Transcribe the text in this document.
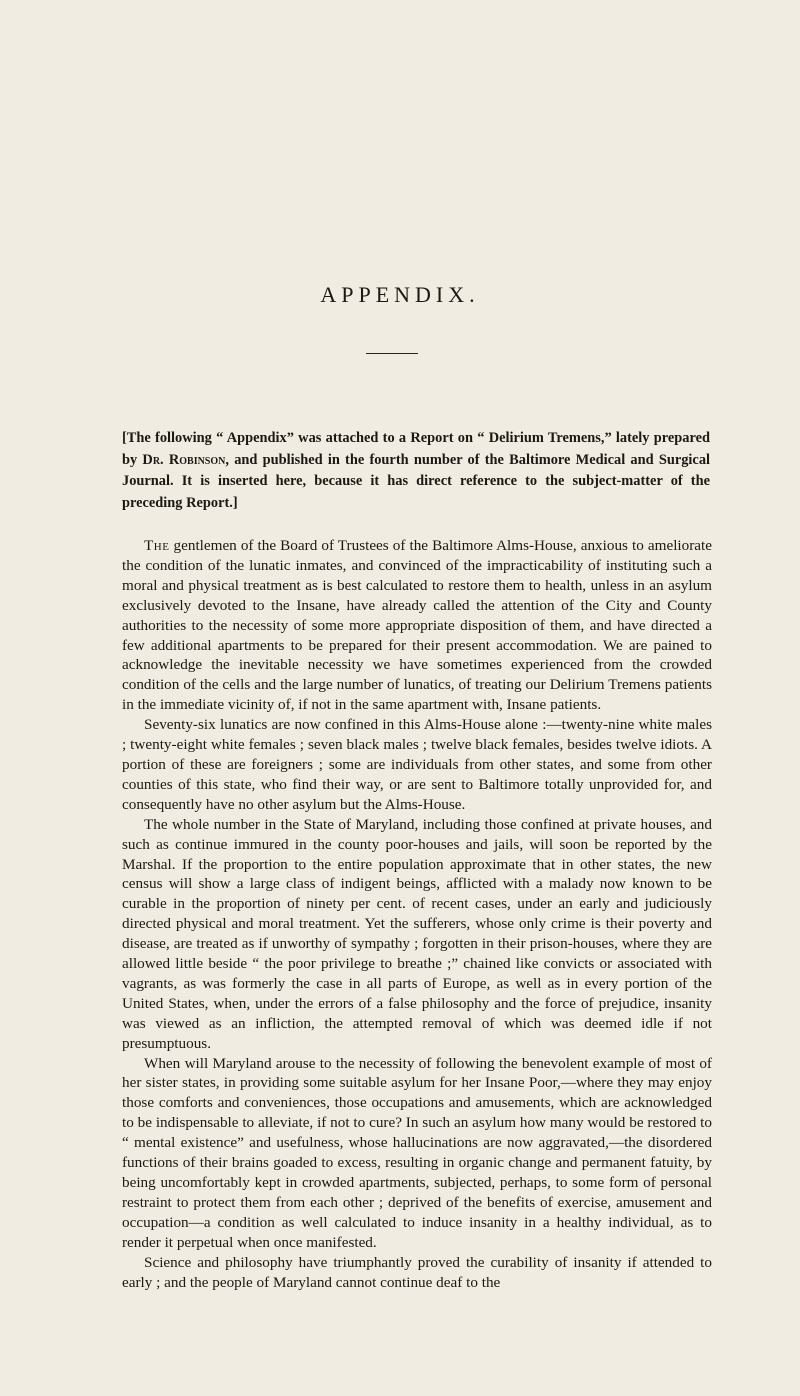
APPENDIX.

[The following “ Appendix” was attached to a Report on “ Delirium Tremens,” lately prepared by Dr. Robinson, and published in the fourth number of the Baltimore Medical and Surgical Journal. It is inserted here, because it has direct reference to the subject-matter of the preceding Report.]

The gentlemen of the Board of Trustees of the Baltimore Alms-House, anxious to ameliorate the condition of the lunatic inmates, and convinced of the impracticability of instituting such a moral and physical treatment as is best calculated to restore them to health, unless in an asylum exclusively devoted to the Insane, have already called the attention of the City and County authorities to the necessity of some more appropriate disposition of them, and have directed a few additional apartments to be prepared for their present accommodation. We are pained to acknowledge the inevitable necessity we have sometimes experienced from the crowded condition of the cells and the large number of lunatics, of treating our Delirium Tremens patients in the immediate vicinity of, if not in the same apartment with, Insane patients.

Seventy-six lunatics are now confined in this Alms-House alone :—twenty-nine white males ; twenty-eight white females ; seven black males ; twelve black females, besides twelve idiots. A portion of these are foreigners ; some are individuals from other states, and some from other counties of this state, who find their way, or are sent to Baltimore totally unprovided for, and consequently have no other asylum but the Alms-House.

The whole number in the State of Maryland, including those confined at private houses, and such as continue immured in the county poor-houses and jails, will soon be reported by the Marshal. If the proportion to the entire population approximate that in other states, the new census will show a large class of indigent beings, afflicted with a malady now known to be curable in the proportion of ninety per cent. of recent cases, under an early and judiciously directed physical and moral treatment. Yet the sufferers, whose only crime is their poverty and disease, are treated as if unworthy of sympathy ; forgotten in their prison-houses, where they are allowed little beside “ the poor privilege to breathe ;” chained like convicts or associated with vagrants, as was formerly the case in all parts of Europe, as well as in every portion of the United States, when, under the errors of a false philosophy and the force of prejudice, insanity was viewed as an infliction, the attempted removal of which was deemed idle if not presumptuous.

When will Maryland arouse to the necessity of following the benevolent example of most of her sister states, in providing some suitable asylum for her Insane Poor,—where they may enjoy those comforts and conveniences, those occupations and amusements, which are acknowledged to be indispensable to alleviate, if not to cure? In such an asylum how many would be restored to “ mental existence” and usefulness, whose hallucinations are now aggravated,—the disordered functions of their brains goaded to excess, resulting in organic change and permanent fatuity, by being uncomfortably kept in crowded apartments, subjected, perhaps, to some form of personal restraint to protect them from each other ; deprived of the benefits of exercise, amusement and occupation—a condition as well calculated to induce insanity in a healthy individual, as to render it perpetual when once manifested.

Science and philosophy have triumphantly proved the curability of insanity if attended to early ; and the people of Maryland cannot continue deaf to the
